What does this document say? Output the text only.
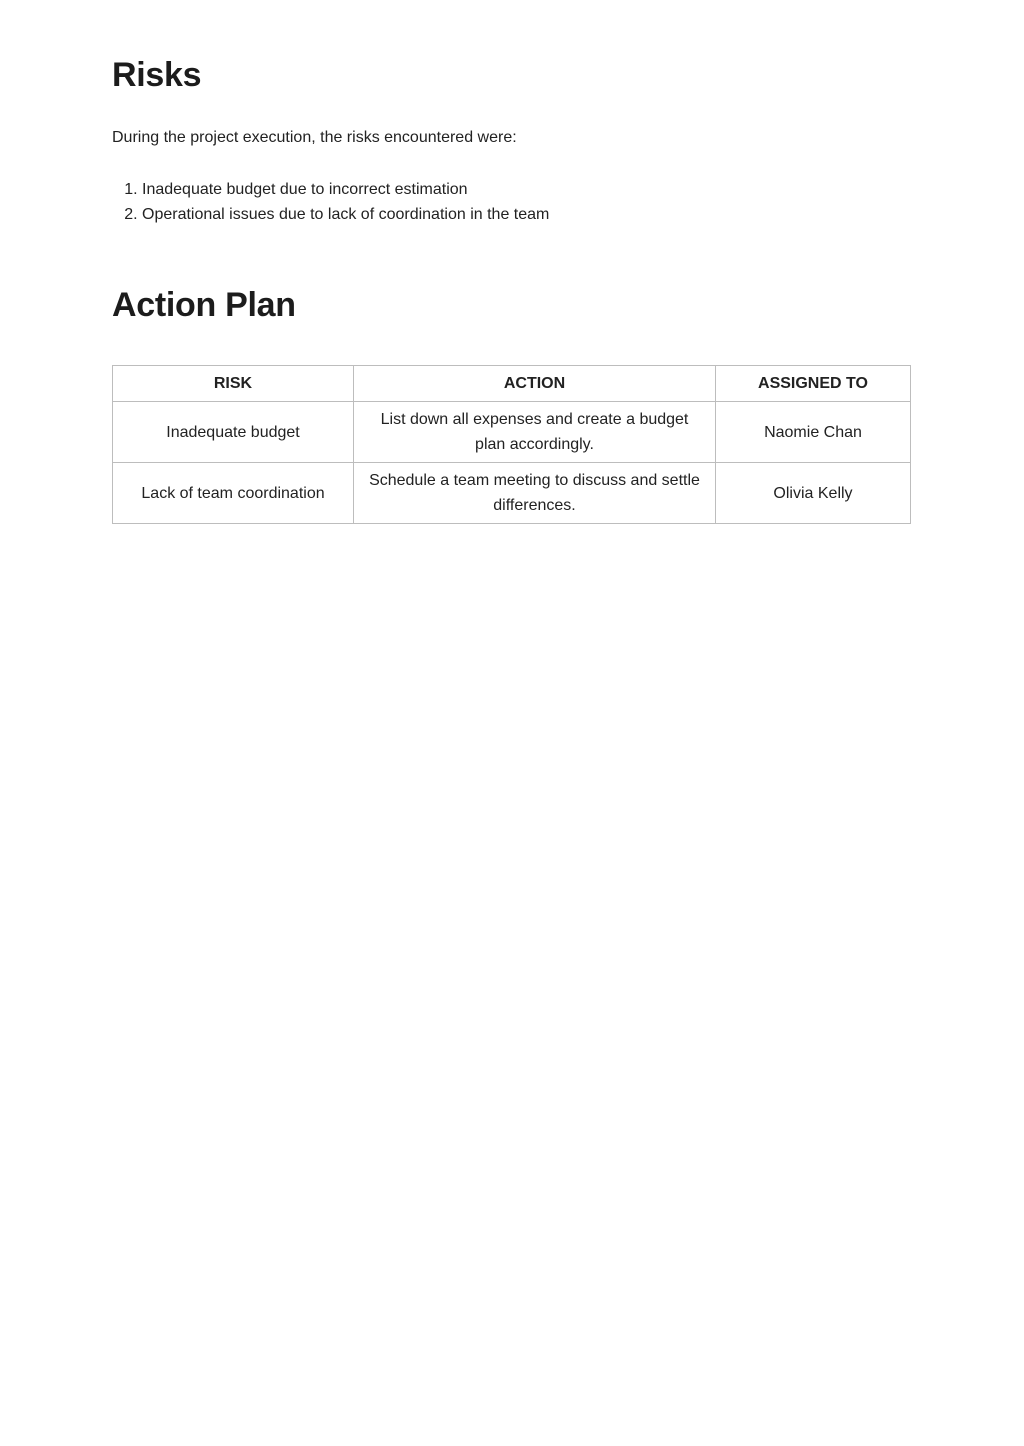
Risks

During the project execution, the risks encountered were:

1. Inadequate budget due to incorrect estimation
2. Operational issues due to lack of coordination in the team
Action Plan
RISK	ACTION	ASSIGNED TO
Inadequate budget	List down all expenses and create a budget plan accordingly.	Naomie Chan
Lack of team coordination	Schedule a team meeting to discuss and settle differences.	Olivia Kelly
